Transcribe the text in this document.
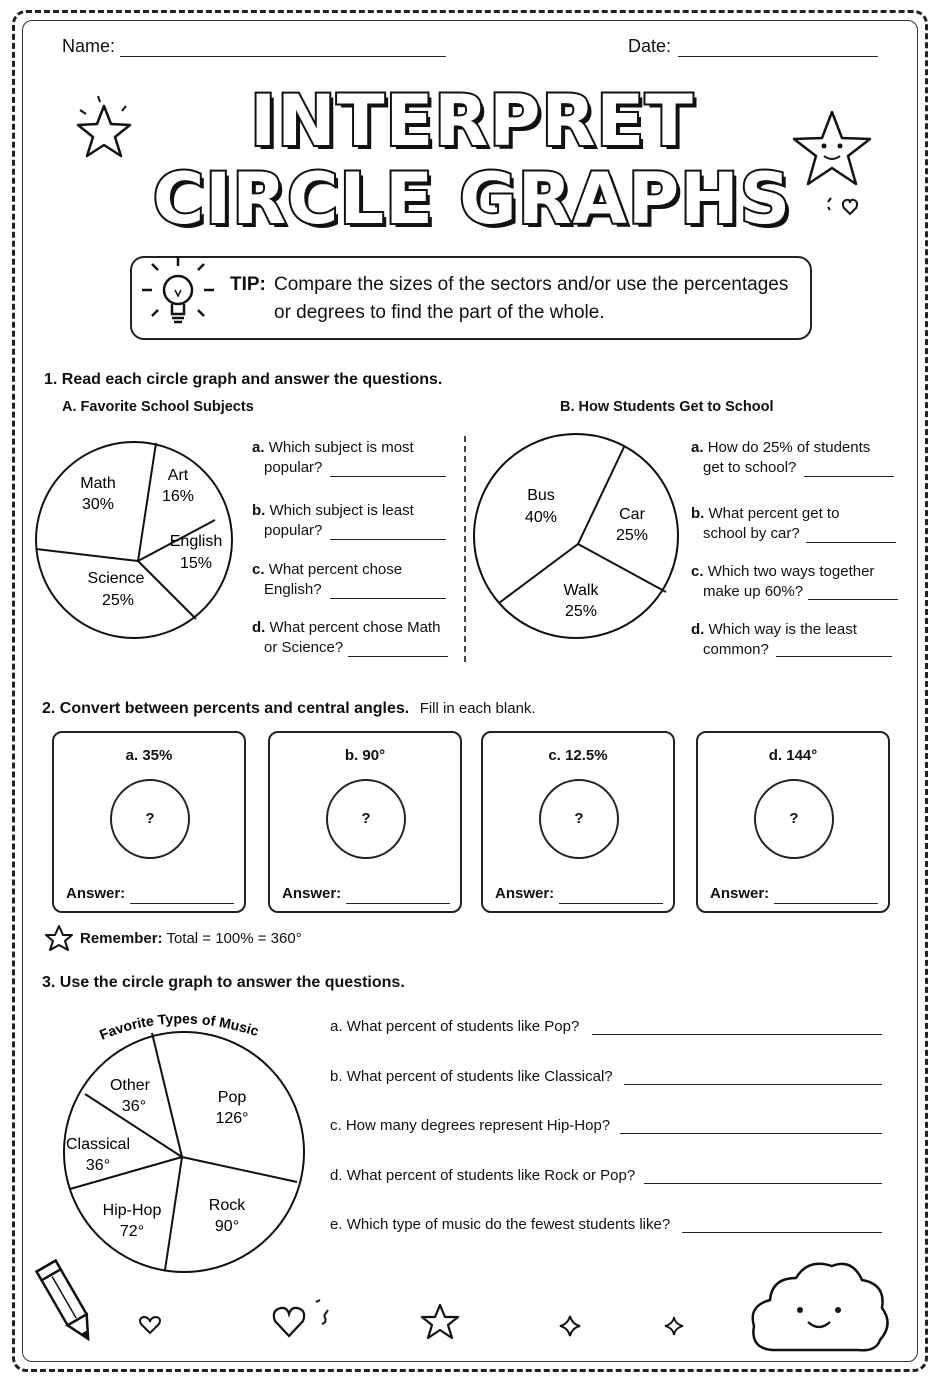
Name:	Date:
INTERPRET
CIRCLE GRAPHS
TIP: Compare the sizes of the sectors and/or use the percentages
or degrees to find the part of the whole.
1. Read each circle graph and answer the questions.
A. Favorite School Subjects	B. How Students Get to School
Math
30%
Art
16%
English
15%
Science
25%
a. Which subject is most
popular?
b. Which subject is least
popular?
c. What percent chose
English?
d. What percent chose Math
or Science?
Bus
40%	Car
25%
Walk
25%
a. How do 25% of students
get to school?
b. What percent get to
school by car?
c. Which two ways together
make up 60%?
d. Which way is the least
common?
2. Convert between percents and central angles. Fill in each blank.
a. 35%
?
Answer:
b. 90°
?
Answer:
c. 12.5%
?
Answer:
d. 144°
?
Answer:
Remember: Total = 100% = 360°
3. Use the circle graph to answer the questions.
Favorite Types of Music
Pop
126°
Rock
90°
Hip-Hop
72°
Classical
36°
Other
36°
a. What percent of students like Pop?
b. What percent of students like Classical?
c. How many degrees represent Hip-Hop?
d. What percent of students like Rock or Pop?
e. Which type of music do the fewest students like?
